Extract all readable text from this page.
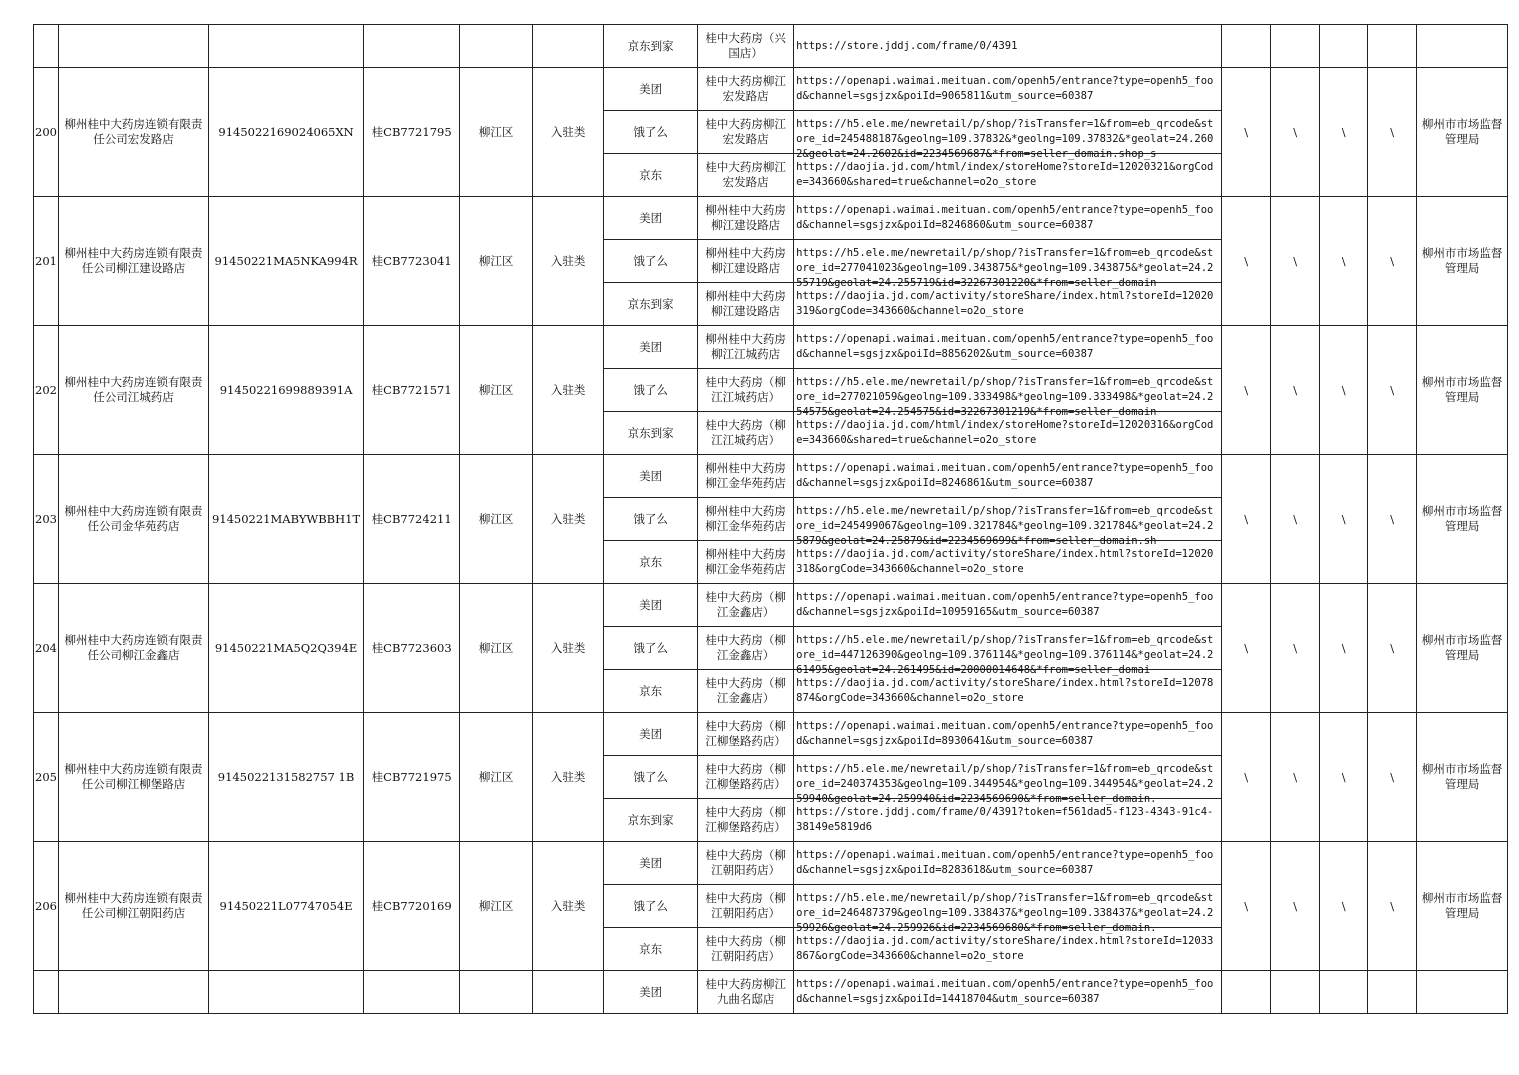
						京东到家	桂中大药房（兴国店）	https://store.jddj.com/frame/0/4391					

200	柳州桂中大药房连锁有限责任公司宏发路店	9145022169024065XN	桂CB7721795	柳江区	入驻类	美团	桂中大药房柳江宏发路店	https://openapi.waimai.meituan.com/openh5/entrance?type=openh5_food&channel=sgsjzx&poiId=9065811&utm_source=60387	\	\	\	\	柳州市市场监督管理局
						饿了么	桂中大药房柳江宏发路店	https://h5.ele.me/newretail/p/shop/?isTransfer=1&from=eb_qrcode&store_id=245488187&geolng=109.37832&*geolng=109.37832&*geolat=24.2602&geolat=24.2602&id=2234569687&*from=seller_domain.shop_s					

						京东	桂中大药房柳江宏发路店	https://daojia.jd.com/html/index/storeHome?storeId=12020321&orgCode=343660&shared=true&channel=o2o_store					

201	柳州桂中大药房连锁有限责任公司柳江建设路店	91450221MA5NKA994R	桂CB7723041	柳江区	入驻类	美团	柳州桂中大药房柳江建设路店	https://openapi.waimai.meituan.com/openh5/entrance?type=openh5_food&channel=sgsjzx&poiId=8246860&utm_source=60387	\	\	\	\	柳州市市场监督管理局
						饿了么	柳州桂中大药房柳江建设路店	https://h5.ele.me/newretail/p/shop/?isTransfer=1&from=eb_qrcode&store_id=277041023&geolng=109.343875&*geolng=109.343875&*geolat=24.255719&geolat=24.255719&id=32267301220&*from=seller_domain					

						京东到家	柳州桂中大药房柳江建设路店	https://daojia.jd.com/activity/storeShare/index.html?storeId=12020319&orgCode=343660&channel=o2o_store					

202	柳州桂中大药房连锁有限责任公司江城药店	91450221699889391A	桂CB7721571	柳江区	入驻类	美团	柳州桂中大药房柳江江城药店	https://openapi.waimai.meituan.com/openh5/entrance?type=openh5_food&channel=sgsjzx&poiId=8856202&utm_source=60387	\	\	\	\	柳州市市场监督管理局
						饿了么	桂中大药房（柳江江城药店）	https://h5.ele.me/newretail/p/shop/?isTransfer=1&from=eb_qrcode&store_id=277021059&geolng=109.333498&*geolng=109.333498&*geolat=24.254575&geolat=24.254575&id=32267301219&*from=seller_domain					

						京东到家	桂中大药房（柳江江城药店）	https://daojia.jd.com/html/index/storeHome?storeId=12020316&orgCode=343660&shared=true&channel=o2o_store					

203	柳州桂中大药房连锁有限责任公司金华苑药店	91450221MABYWBBH1T	桂CB7724211	柳江区	入驻类	美团	柳州桂中大药房柳江金华苑药店	https://openapi.waimai.meituan.com/openh5/entrance?type=openh5_food&channel=sgsjzx&poiId=8246861&utm_source=60387	\	\	\	\	柳州市市场监督管理局
						饿了么	柳州桂中大药房柳江金华苑药店	https://h5.ele.me/newretail/p/shop/?isTransfer=1&from=eb_qrcode&store_id=245499067&geolng=109.321784&*geolng=109.321784&*geolat=24.25879&geolat=24.25879&id=2234569699&*from=seller_domain.sh					

						京东	柳州桂中大药房柳江金华苑药店	https://daojia.jd.com/activity/storeShare/index.html?storeId=12020318&orgCode=343660&channel=o2o_store					

204	柳州桂中大药房连锁有限责任公司柳江金鑫店	91450221MA5Q2Q394E	桂CB7723603	柳江区	入驻类	美团	桂中大药房（柳江金鑫店）	https://openapi.waimai.meituan.com/openh5/entrance?type=openh5_food&channel=sgsjzx&poiId=10959165&utm_source=60387	\	\	\	\	柳州市市场监督管理局
						饿了么	桂中大药房（柳江金鑫店）	https://h5.ele.me/newretail/p/shop/?isTransfer=1&from=eb_qrcode&store_id=447126390&geolng=109.376114&*geolng=109.376114&*geolat=24.261495&geolat=24.261495&id=20000014648&*from=seller_domai					

						京东	桂中大药房（柳江金鑫店）	https://daojia.jd.com/activity/storeShare/index.html?storeId=12078874&orgCode=343660&channel=o2o_store					

205	柳州桂中大药房连锁有限责任公司柳江柳堡路店	9145022131582757 1B	桂CB7721975	柳江区	入驻类	美团	桂中大药房（柳江柳堡路药店）	https://openapi.waimai.meituan.com/openh5/entrance?type=openh5_food&channel=sgsjzx&poiId=8930641&utm_source=60387	\	\	\	\	柳州市市场监督管理局
						饿了么	桂中大药房（柳江柳堡路药店）	https://h5.ele.me/newretail/p/shop/?isTransfer=1&from=eb_qrcode&store_id=240374353&geolng=109.344954&*geolng=109.344954&*geolat=24.259940&geolat=24.259940&id=2234569690&*from=seller_domain.					

						京东到家	桂中大药房（柳江柳堡路药店）	https://store.jddj.com/frame/0/4391?token=f561dad5-f123-4343-91c4-38149e5819d6					

206	柳州桂中大药房连锁有限责任公司柳江朝阳药店	91450221L07747054E	桂CB7720169	柳江区	入驻类	美团	桂中大药房（柳江朝阳药店）	https://openapi.waimai.meituan.com/openh5/entrance?type=openh5_food&channel=sgsjzx&poiId=8283618&utm_source=60387	\	\	\	\	柳州市市场监督管理局
						饿了么	桂中大药房（柳江朝阳药店）	https://h5.ele.me/newretail/p/shop/?isTransfer=1&from=eb_qrcode&store_id=246487379&geolng=109.338437&*geolng=109.338437&*geolat=24.259926&geolat=24.259926&id=2234569680&*from=seller_domain.					

						京东	桂中大药房（柳江朝阳药店）	https://daojia.jd.com/activity/storeShare/index.html?storeId=12033867&orgCode=343660&channel=o2o_store					

						美团	桂中大药房柳江九曲名邸店	https://openapi.waimai.meituan.com/openh5/entrance?type=openh5_food&channel=sgsjzx&poiId=14418704&utm_source=60387					
